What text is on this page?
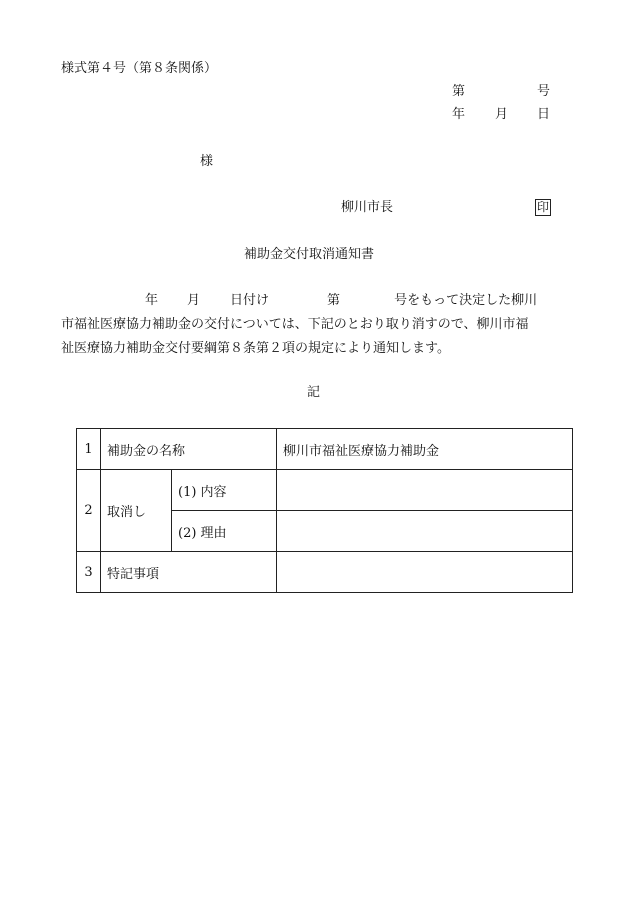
様式第４号（第８条関係）
第	号
年 月 日
様
柳川市長	印
補助金交付取消通知書
年 月 日付け	第	号をもって決定した柳川
市福祉医療協力補助金の交付については、下記のとおり取り消すので、柳川市福
祉医療協力補助金交付要綱第８条第２項の規定により通知します。
記
1	補助金の名称		柳川市福祉医療協力補助金
2	取消し	(1) 内容	
		(2) 理由	
3	特記事項		
